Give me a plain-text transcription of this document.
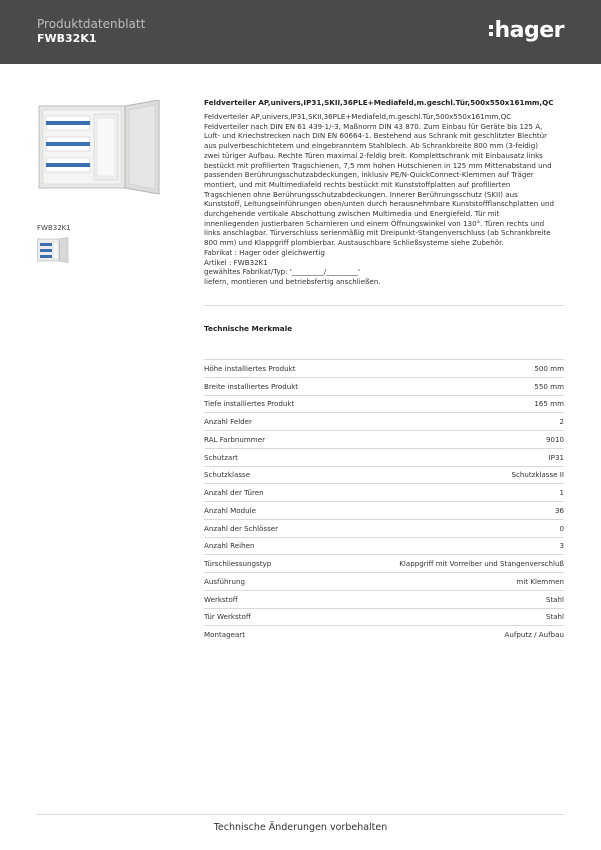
Produktdatenblatt
FWB32K1	hager
FWB32K1
Feldverteiler AP,univers,IP31,SKII,36PLE+Mediafeld,m.geschl.Tür,500x550x161mm,QC
Feldverteiler AP,univers,IP31,SKII,36PLE+Mediafeld,m.geschl.Tür,500x550x161mm,QC
Feldverteiler nach DIN EN 61 439-1/-3, Maßnorm DIN 43 870. Zum Einbau für Geräte bis 125 A,
Luft- und Kriechstrecken nach DIN EN 60664-1. Bestehend aus Schrank mit geschlitzter Blechtür
aus pulverbeschichtetem und eingebranntem Stahlblech. Ab Schrankbreite 800 mm (3-feldig)
zwei türiger Aufbau. Rechte Türen maximal 2-feldig breit. Komplettschrank mit Einbausatz links
bestückt mit profilierten Tragschienen, 7,5 mm hohen Hutschienen in 125 mm Mittenabstand und
passenden Berührungsschutzabdeckungen, inklusiv PE/N-QuickConnect-Klemmen auf Träger
montiert, und mit Multimediafeld rechts bestückt mit Kunststoffplatten auf profilierten
Tragschienen ohne Berührungsschutzabdeckungen. Innerer Berührungsschutz (SKII) aus
Kunststoff, Leitungseinführungen oben/unten durch herausnehmbare Kunststoffflanschplatten und
durchgehende vertikale Abschottung zwischen Multimedia und Energiefeld. Tür mit
innenliegenden justierbaren Scharnieren und einem Öffnungswinkel von 130°. Türen rechts und
links anschlagbar. Türverschluss serienmäßig mit Dreipunkt-Stangenverschluss (ab Schrankbreite
800 mm) und Klappgriff plombierbar. Austauschbare Schließsysteme siehe Zubehör.
Fabrikat : Hager oder gleichwertig
Artikel : FWB32K1
gewähltes Fabrikat/Typ: '_________/_________'
liefern, montieren und betriebsfertig anschließen.
Technische Merkmale
Höhe installiertes Produkt	500 mm
Breite installiertes Produkt	550 mm
Tiefe installiertes Produkt	165 mm
Anzahl Felder	2
RAL Farbnummer	9010
Schutzart	IP31
Schutzklasse	Schutzklasse II
Anzahl der Türen	1
Anzahl Module	36
Anzahl der Schlösser	0
Anzahl Reihen	3
Türschliessungstyp	Klappgriff mit Vorreiber und Stangenverschluß
Ausführung	mit Klemmen
Werkstoff	Stahl
Tür Werkstoff	Stahl
Montageart	Aufputz / Aufbau
Technische Änderungen vorbehalten
